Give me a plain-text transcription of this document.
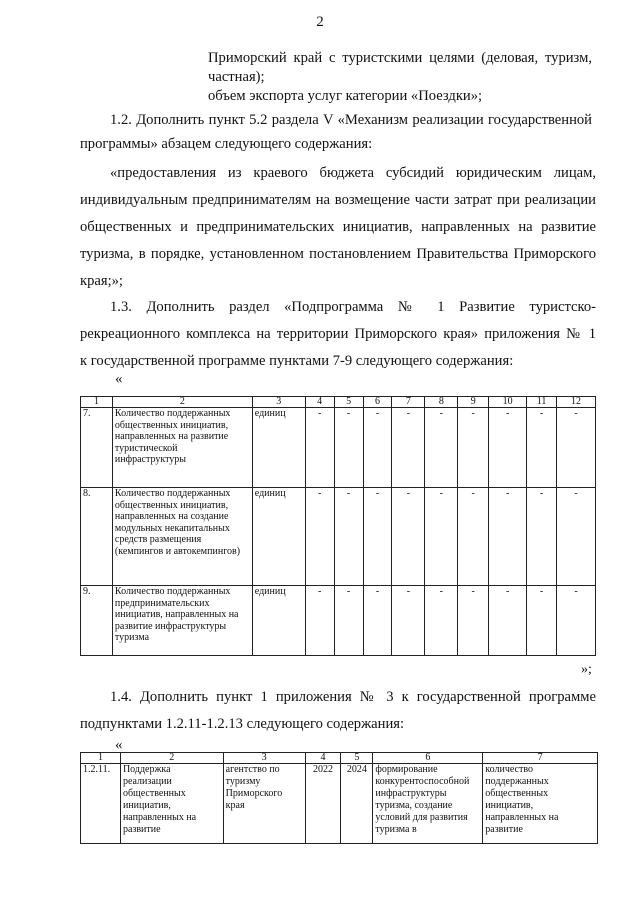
2
Приморский край с туристскими целями (деловая, туризм,
частная);
объем экспорта услуг категории «Поездки»;
1.2. Дополнить пункт 5.2 раздела V «Механизм реализации государственной
программы» абзацем следующего содержания:
«предоставления из краевого бюджета субсидий юридическим лицам,
индивидуальным предпринимателям на возмещение части затрат при реализации
общественных и предпринимательских инициатив, направленных на развитие
туризма, в порядке, установленном постановлением Правительства Приморского
края;»;
1.3. Дополнить раздел «Подпрограмма № 1 Развитие туристско-
рекреационного комплекса на территории Приморского края» приложения № 1
к государственной программе пунктами 7-9 следующего содержания:
«
1	2	3	4	5	6	7	8	9	10	11	12
7.	Количество поддержанных общественных инициатив, направленных на развитие туристической инфраструктуры	единиц	-	-	-	-	-	-	-	-	-
8.	Количество поддержанных общественных инициатив, направленных на создание модульных некапитальных средств размещения (кемпингов и автокемпингов)	единиц	-	-	-	-	-	-	-	-	-
9.	Количество поддержанных предпринимательских инициатив, направленных на развитие инфраструктуры туризма	единиц	-	-	-	-	-	-	-	-	-
»;
1.4. Дополнить пункт 1 приложения № 3 к государственной программе
подпунктами 1.2.11-1.2.13 следующего содержания:
«
1	2	3	4	5	6	7
1.2.11.	Поддержка реализации общественных инициатив, направленных на развитие	агентство по туризму Приморского края	2022	2024	формирование конкурентоспособной инфраструктуры туризма, создание условий для развития туризма в	количество поддержанных общественных инициатив, направленных на развитие
